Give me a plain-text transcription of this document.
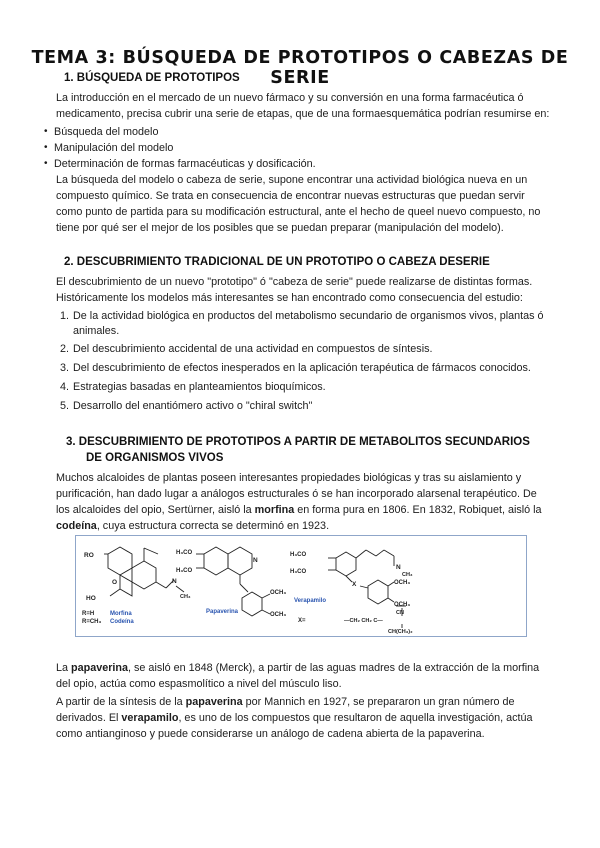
TEMA 3: BÚSQUEDA DE PROTOTIPOS O CABEZAS DE SERIE
1. BÚSQUEDA DE PROTOTIPOS
La introducción en el mercado de un nuevo fármaco y su conversión en una forma farmacéutica ó
medicamento, precisa cubrir una serie de etapas, que de una formaesquemática podrían resumirse en:
• Búsqueda del modelo
• Manipulación del modelo
• Determinación de formas farmacéuticas y dosificación.
La búsqueda del modelo o cabeza de serie, supone encontrar una actividad biológica nueva en un
compuesto químico. Se trata en consecuencia de encontrar nuevas estructuras que puedan servir
como punto de partida para su modificación estructural, ante el hecho de queel nuevo compuesto, no
tiene por qué ser el mejor de los posibles que se puedan preparar (manipulación del modelo).
2. DESCUBRIMIENTO TRADICIONAL DE UN PROTOTIPO O CABEZA DESERIE
El descubrimiento de un nuevo "prototipo" ó "cabeza de serie" puede realizarse de distintas formas.
Históricamente los modelos más interesantes se han encontrado como consecuencia del estudio:
1. De la actividad biológica en productos del metabolismo secundario de organismos vivos, plantas ó
animales.
2. Del descubrimiento accidental de una actividad en compuestos de síntesis.
3. Del descubrimiento de efectos inesperados en la aplicación terapéutica de fármacos conocidos.
4. Estrategias basadas en planteamientos bioquímicos.
5. Desarrollo del enantiómero activo o "chiral switch"
3. DESCUBRIMIENTO DE PROTOTIPOS A PARTIR DE METABOLITOS SECUNDARIOS
DE ORGANISMOS VIVOS
Muchos alcaloides de plantas poseen interesantes propiedades biológicas y tras su aislamiento y
purificación, han dado lugar a análogos estructurales ó se han incorporado alarsenal terapéutico. De
los alcaloides del opio, Sertürner, aisló la morfina en forma pura en 1806. En 1832, Robiquet, aisló la
codeína, cuya estructura correcta se determinó en 1923.
RO
O	N
CH₃
HO
R=H
R=CH₃
Morfina
Codeína
H₃CO
H₃CO
N
OCH₃
OCH₃
Papaverina
H₃CO
H₃CO
X
N
CH₃
OCH₃
OCH₃
Verapamilo
X=
CN
—CH₂ CH₂ C—
CH(CH₃)₂
La papaverina, se aisló en 1848 (Merck), a partir de las aguas madres de la extracción de la morfina
del opio, actúa como espasmolítico a nivel del músculo liso.
A partir de la síntesis de la papaverina por Mannich en 1927, se prepararon un gran número de
derivados. El verapamilo, es uno de los compuestos que resultaron de aquella investigación, actúa
como antianginoso y puede considerarse un análogo de cadena abierta de la papaverina.
